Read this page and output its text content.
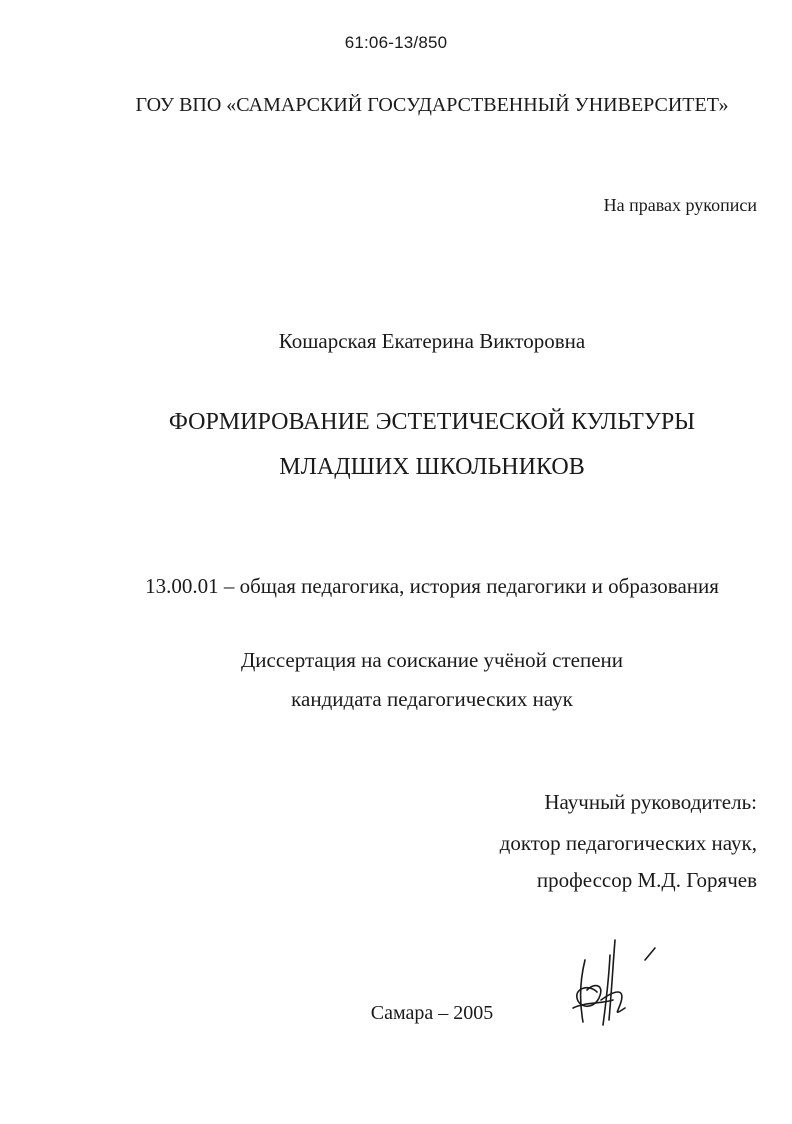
61:06-13/850
ГОУ ВПО «САМАРСКИЙ ГОСУДАРСТВЕННЫЙ УНИВЕРСИТЕТ»
На правах рукописи
Кошарская Екатерина Викторовна
ФОРМИРОВАНИЕ ЭСТЕТИЧЕСКОЙ КУЛЬТУРЫ
МЛАДШИХ ШКОЛЬНИКОВ
13.00.01 – общая педагогика, история педагогики и образования
Диссертация на соискание учёной степени
кандидата педагогических наук
Научный руководитель:
доктор педагогических наук,
профессор М.Д. Горячев
Самара – 2005
